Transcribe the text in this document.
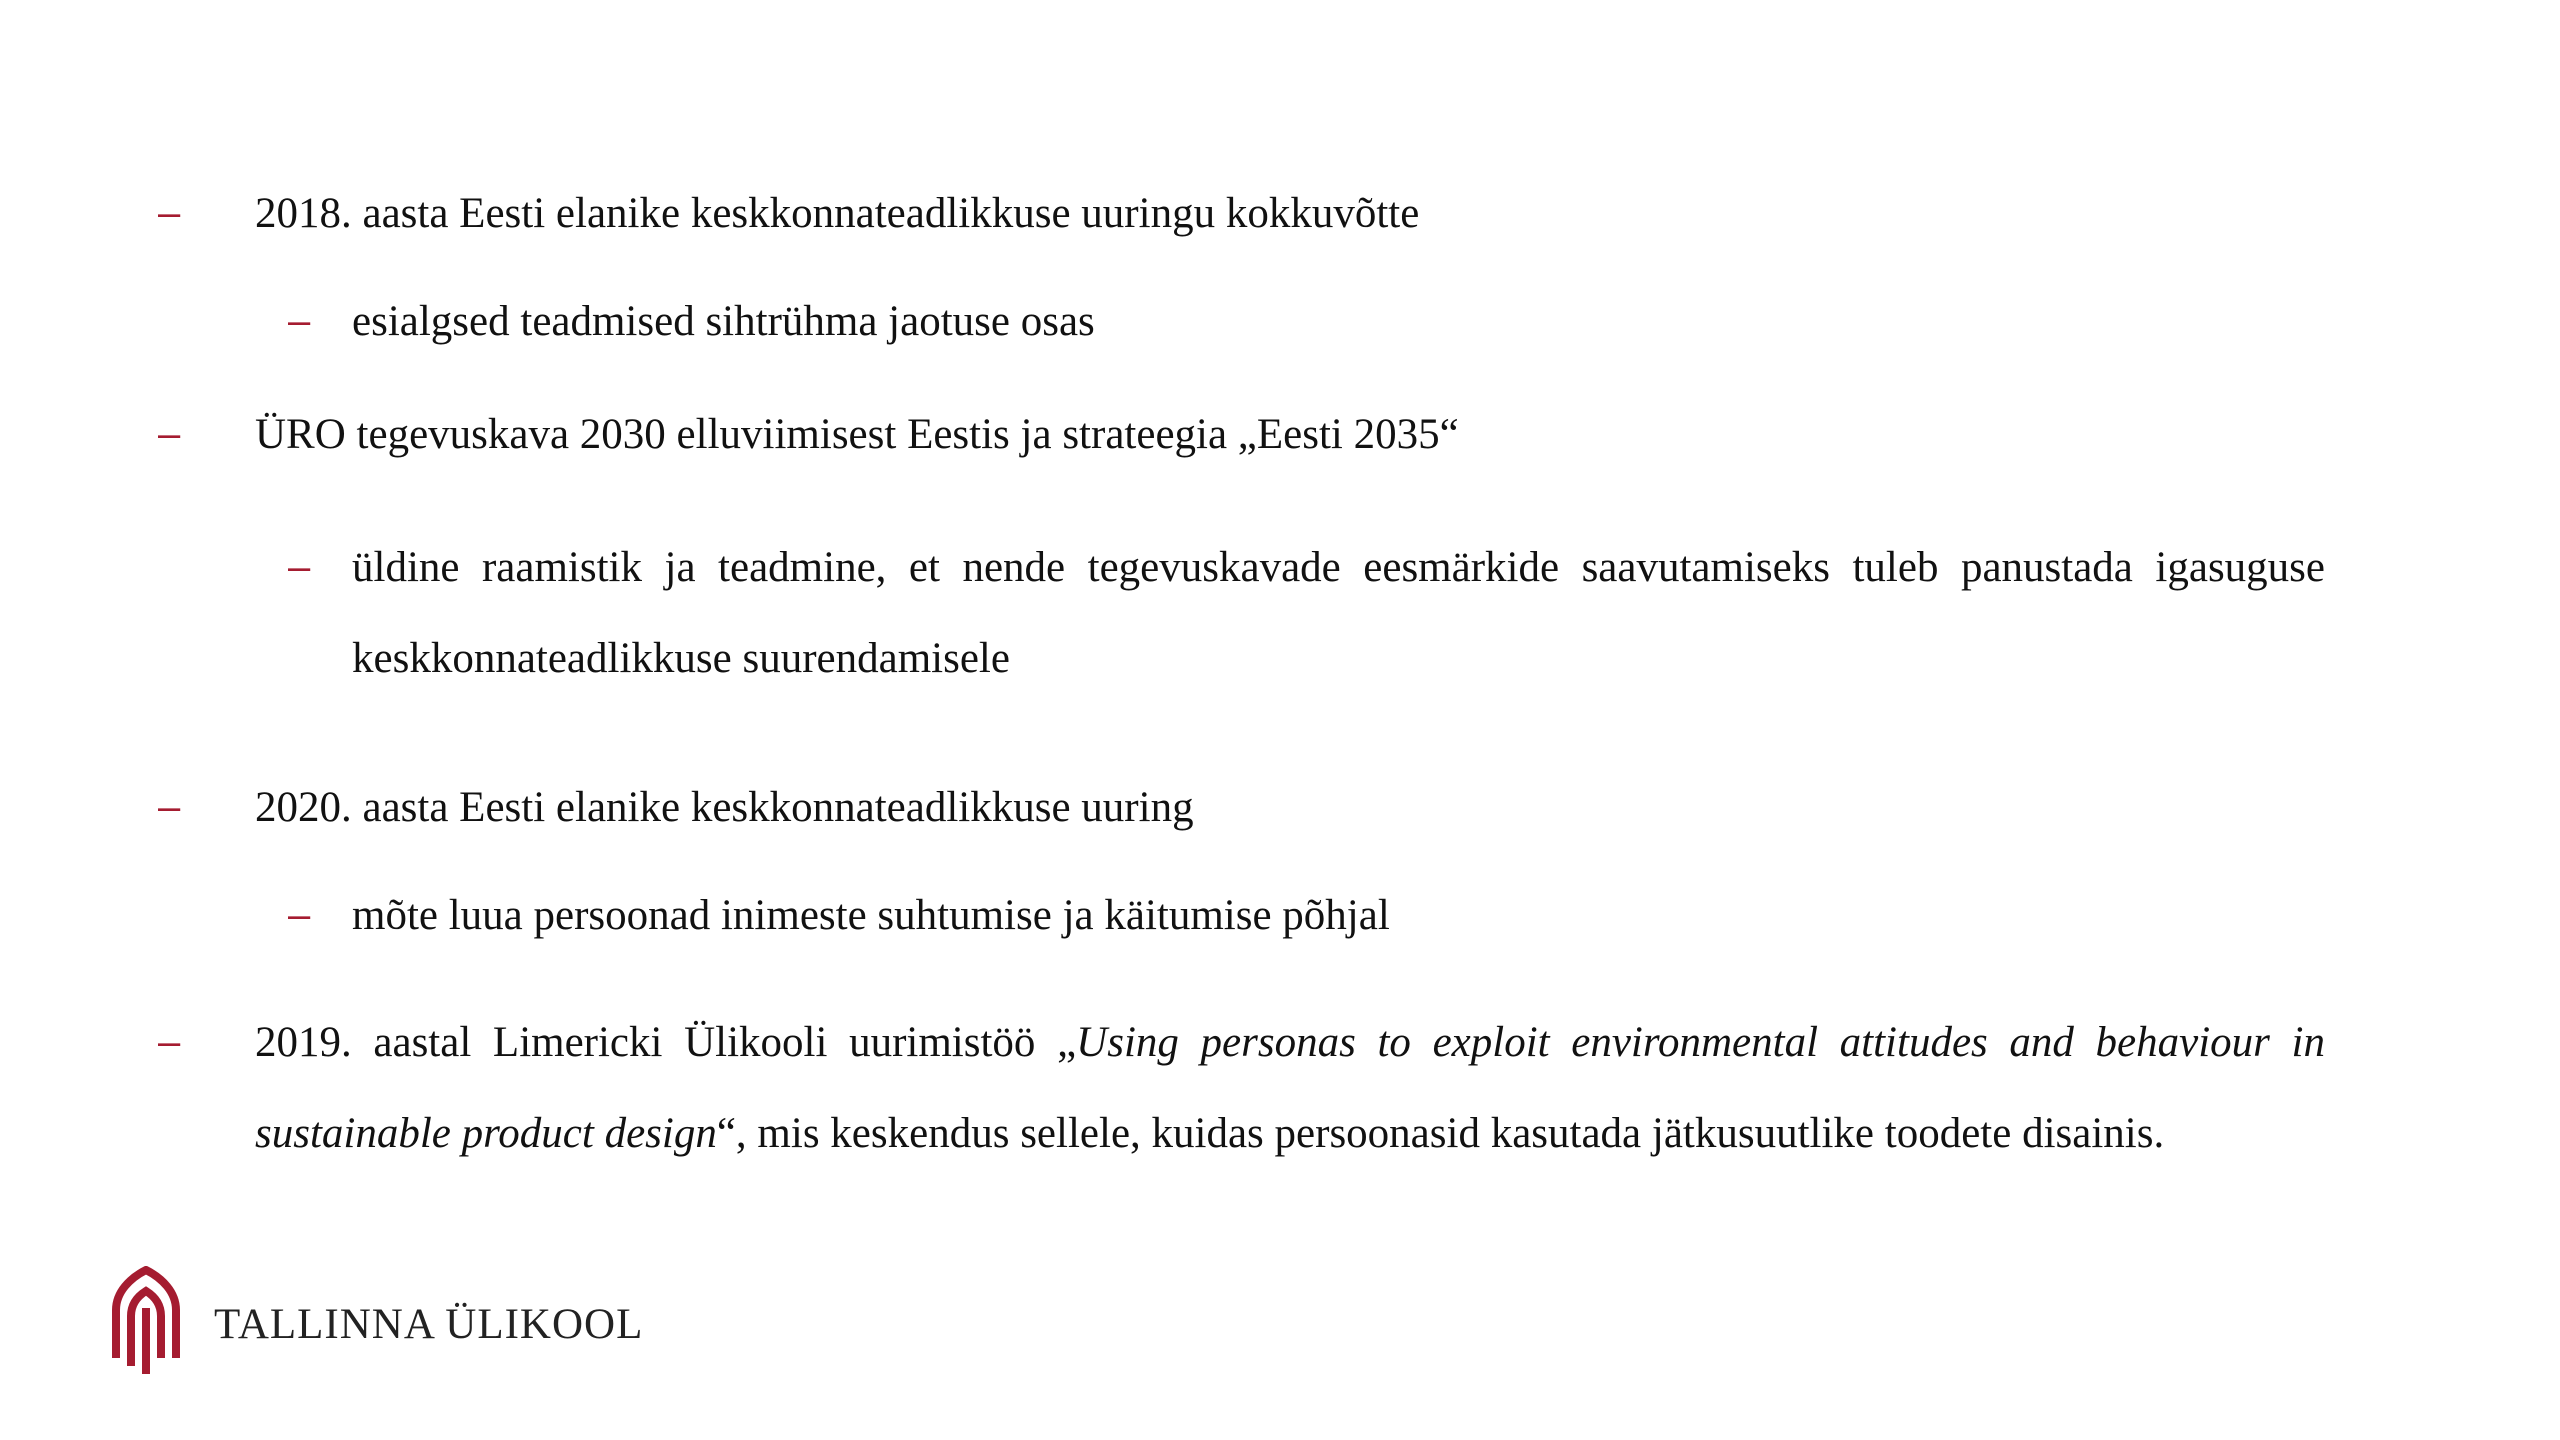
– 2018. aasta Eesti elanike keskkonnateadlikkuse uuringu kokkuvõtte
– esialgsed teadmised sihtrühma jaotuse osas
– ÜRO tegevuskava 2030 elluviimisest Eestis ja strateegia „Eesti 2035“
– üldine raamistik ja teadmine, et nende tegevuskavade eesmärkide saavutamiseks tuleb panustada igasuguse keskkonnateadlikkuse suurendamisele
– 2020. aasta Eesti elanike keskkonnateadlikkuse uuring
– mõte luua persoonad inimeste suhtumise ja käitumise põhjal
– 2019. aastal Limericki Ülikooli uurimistöö „Using personas to exploit environmental attitudes and behaviour in sustainable product design“, mis keskendus sellele, kuidas persoonasid kasutada jätkusuutlike toodete disainis.
TALLINNA ÜLIKOOL
